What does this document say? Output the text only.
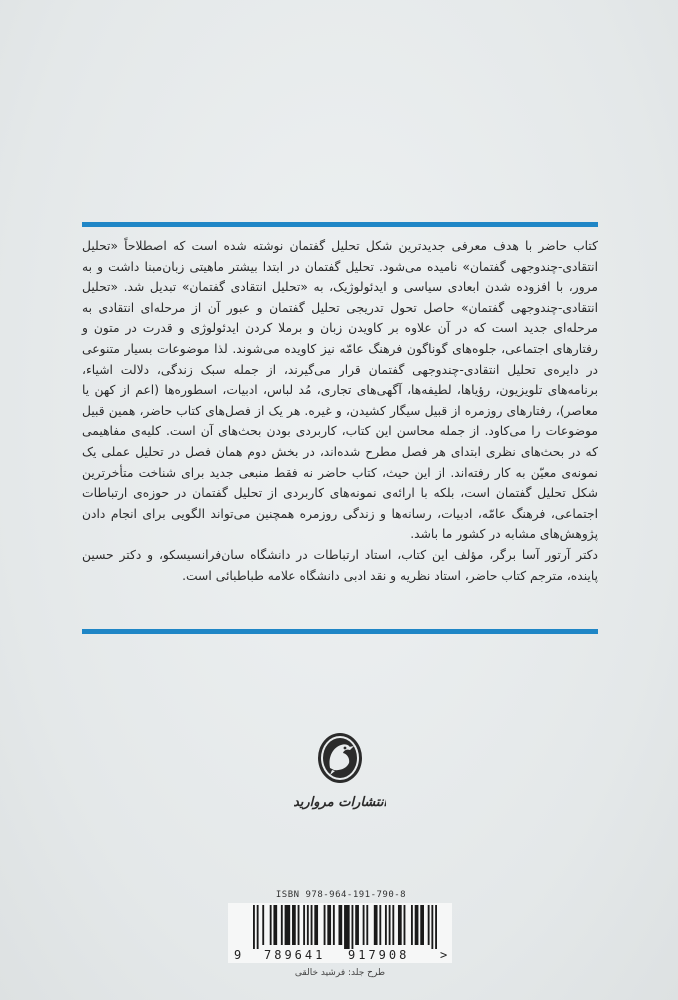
کتاب حاضر با هدف معرفی جدیدترین شکل تحلیل گفتمان نوشته شده است که اصطلاحاً «تحلیل انتقادی-چندوجهی گفتمان» نامیده می‌شود. تحلیل گفتمان در ابتدا بیشتر ماهیتی زبان‌مبنا داشت و به مرور، با افزوده شدن ابعادی سیاسی و ایدئولوژیک، به «تحلیل انتقادی گفتمان» تبدیل شد. «تحلیل انتقادی-چندوجهی گفتمان» حاصل تحول تدریجی تحلیل گفتمان و عبور آن از مرحله‌ای انتقادی به مرحله‌ای جدید است که در آن علاوه بر کاویدن زبان و برملا کردن ایدئولوژی و قدرت در متون و رفتارهای اجتماعی، جلوه‌های گوناگون فرهنگ عامّه نیز کاویده می‌شوند. لذا موضوعات بسیار متنوعی در دایره‌ی تحلیل انتقادی-چندوجهی گفتمان قرار می‌گیرند، از جمله سبک زندگی، دلالت اشیاء، برنامه‌های تلویزیون، رؤیاها، لطیفه‌ها، آگهی‌های تجاری، مُد لباس، ادبیات، اسطوره‌ها (اعم از کهن یا معاصر)، رفتارهای روزمره از قبیل سیگار کشیدن، و غیره. هر یک از فصل‌های کتاب حاضر، همین قبیل موضوعات را می‌کاود. از جمله محاسن این کتاب، کاربردی بودن بحث‌های آن است. کلیه‌ی مفاهیمی که در بحث‌های نظری ابتدای هر فصل مطرح شده‌اند، در بخش دوم همان فصل در تحلیل عملی یک نمونه‌ی معیّن به کار رفته‌اند. از این حیث، کتاب حاضر نه فقط منبعی جدید برای شناخت متأخرترین شکل تحلیل گفتمان است، بلکه با ارائه‌ی نمونه‌های کاربردی از تحلیل گفتمان در حوزه‌ی ارتباطات اجتماعی، فرهنگ عامّه، ادبیات، رسانه‌ها و زندگی روزمره همچنین می‌تواند الگویی برای انجام دادن پژوهش‌های مشابه در کشور ما باشد.

دکتر آرتور آسا برگر، مؤلف این کتاب، استاد ارتباطات در دانشگاه سان‌فرانسیسکو، و دکتر حسین پاینده، مترجم کتاب حاضر، استاد نظریه و نقد ادبی دانشگاه علامه طباطبائی است.

انتشارات مروارید
ISBN 978-964-191-790-8
9 789641 917908	>
طرح جلد: فرشید خالقی
